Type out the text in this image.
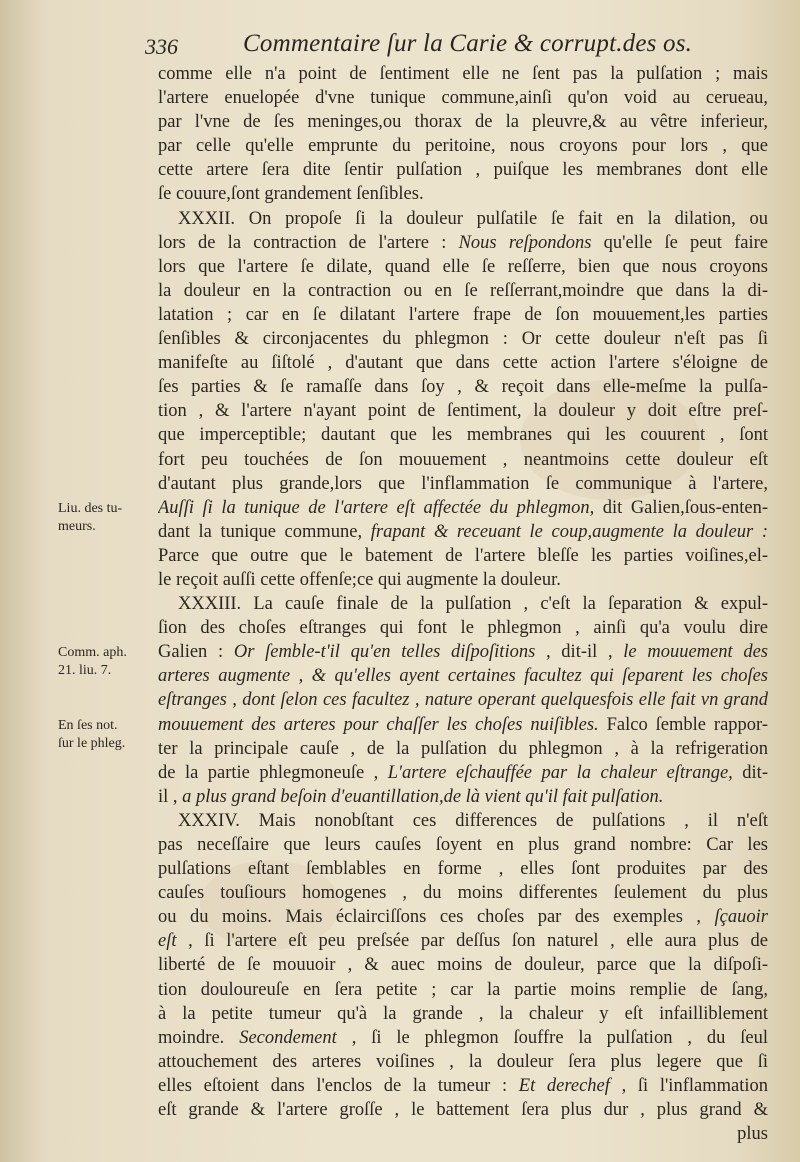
336	Commentaire ſur la Carie & corrupt.des os.
Liu. des tu-
meurs.
Comm. aph.
21. liu. 7.
En ſes not.
ſur le phleg.
comme elle n'a point de ſentiment elle ne ſent pas la pulſation ; mais
l'artere enuelopée d'vne tunique commune,ainſi qu'on void au cerueau,
par l'vne de ſes meninges,ou thorax de la pleuvre,& au vêtre inferieur,
par celle qu'elle emprunte du peritoine, nous croyons pour lors , que
cette artere ſera dite ſentir pulſation , puiſque les membranes dont elle
ſe couure,ſont grandement ſenſibles.
XXXII. On propoſe ſi la douleur pulſatile ſe fait en la dilation, ou
lors de la contraction de l'artere : Nous reſpondons qu'elle ſe peut faire
lors que l'artere ſe dilate, quand elle ſe reſſerre, bien que nous croyons
la douleur en la contraction ou en ſe reſſerrant,moindre que dans la di-
latation ; car en ſe dilatant l'artere frape de ſon mouuement,les parties
ſenſibles & circonjacentes du phlegmon : Or cette douleur n'eſt pas ſi
manifeſte au ſiſtolé , d'autant que dans cette action l'artere s'éloigne de
ſes parties & ſe ramaſſe dans ſoy , & reçoit dans elle-meſme la pulſa-
tion , & l'artere n'ayant point de ſentiment, la douleur y doit eſtre preſ-
que imperceptible; dautant que les membranes qui les couurent , ſont
fort peu touchées de ſon mouuement , neantmoins cette douleur eſt
d'autant plus grande,lors que l'inflammation ſe communique à l'artere,
Auſſi ſi la tunique de l'artere eſt affectée du phlegmon, dit Galien,ſous-enten-
dant la tunique commune, frapant & receuant le coup,augmente la douleur :
Parce que outre que le batement de l'artere bleſſe les parties voiſines,el-
le reçoit auſſi cette offenſe;ce qui augmente la douleur.
XXXIII. La cauſe finale de la pulſation , c'eſt la ſeparation & expul-
ſion des choſes eſtranges qui font le phlegmon , ainſi qu'a voulu dire
Galien : Or ſemble-t'il qu'en telles diſpoſitions , dit-il , le mouuement des
arteres augmente , & qu'elles ayent certaines facultez qui ſeparent les choſes
eſtranges , dont ſelon ces facultez , nature operant quelquesfois elle fait vn grand
mouuement des arteres pour chaſſer les choſes nuiſibles. Falco ſemble rappor-
ter la principale cauſe , de la pulſation du phlegmon , à la refrigeration
de la partie phlegmoneuſe , L'artere eſchauffée par la chaleur eſtrange, dit-
il , a plus grand beſoin d'euantillation,de là vient qu'il fait pulſation.
XXXIV. Mais nonobſtant ces differences de pulſations , il n'eſt
pas neceſſaire que leurs cauſes ſoyent en plus grand nombre: Car les
pulſations eſtant ſemblables en forme , elles ſont produites par des
cauſes touſiours homogenes , du moins differentes ſeulement du plus
ou du moins. Mais éclairciſſons ces choſes par des exemples , ſçauoir
eſt , ſi l'artere eſt peu preſsée par deſſus ſon naturel , elle aura plus de
liberté de ſe mouuoir , & auec moins de douleur, parce que la diſpoſi-
tion douloureuſe en ſera petite ; car la partie moins remplie de ſang,
à la petite tumeur qu'à la grande , la chaleur y eſt infailliblement
moindre. Secondement , ſi le phlegmon ſouffre la pulſation , du ſeul
attouchement des arteres voiſines , la douleur ſera plus legere que ſi
elles eſtoient dans l'enclos de la tumeur : Et derechef , ſi l'inflammation
eſt grande & l'artere groſſe , le battement ſera plus dur , plus grand &
plus
